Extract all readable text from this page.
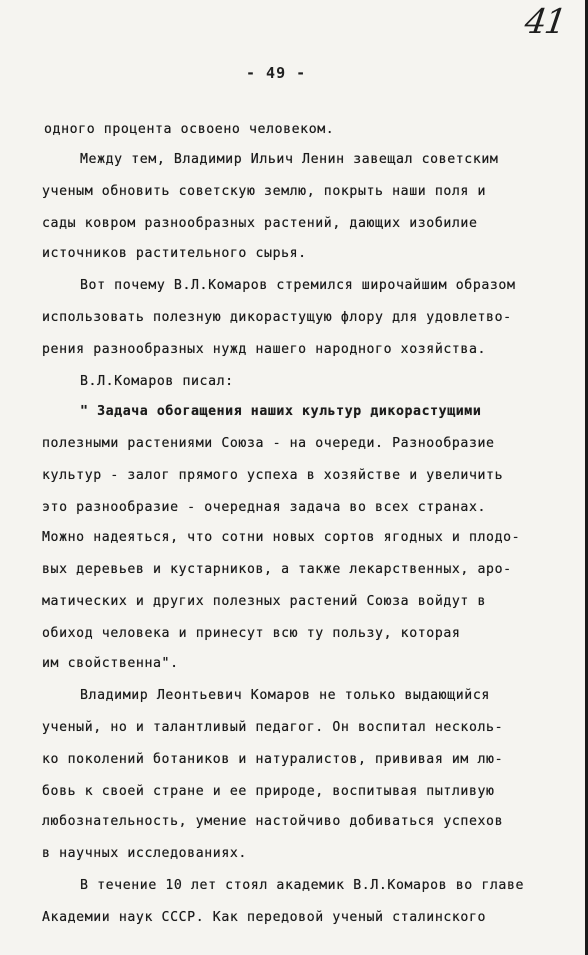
41
- 49 -
одного процента освоено человеком.
Между тем, Владимир Ильич Ленин завещал советским
ученым обновить советскую землю, покрыть наши поля и
сады ковром разнообразных растений, дающих изобилие
источников растительного сырья.
Вот почему В.Л.Комаров стремился широчайшим образом
использовать полезную дикорастущую флору для удовлетво-
рения разнообразных нужд нашего народного хозяйства.
В.Л.Комаров писал:
" Задача обогащения наших культур дикорастущими
полезными растениями Союза - на очереди. Разнообразие
культур - залог прямого успеха в хозяйстве и увеличить
это разнообразие - очередная задача во всех странах.
Можно надеяться, что сотни новых сортов ягодных и плодо-
вых деревьев и кустарников, а также лекарственных, аро-
матических и других полезных растений Союза войдут в
обиход человека и принесут всю ту пользу, которая
им свойственна".
Владимир Леонтьевич Комаров не только выдающийся
ученый, но и талантливый педагог. Он воспитал несколь-
ко поколений ботаников и натуралистов, прививая им лю-
бовь к своей стране и ее природе, воспитывая пытливую
любознательность, умение настойчиво добиваться успехов
в научных исследованиях.
В течение 10 лет стоял академик В.Л.Комаров во главе
Академии наук СССР. Как передовой ученый сталинского
